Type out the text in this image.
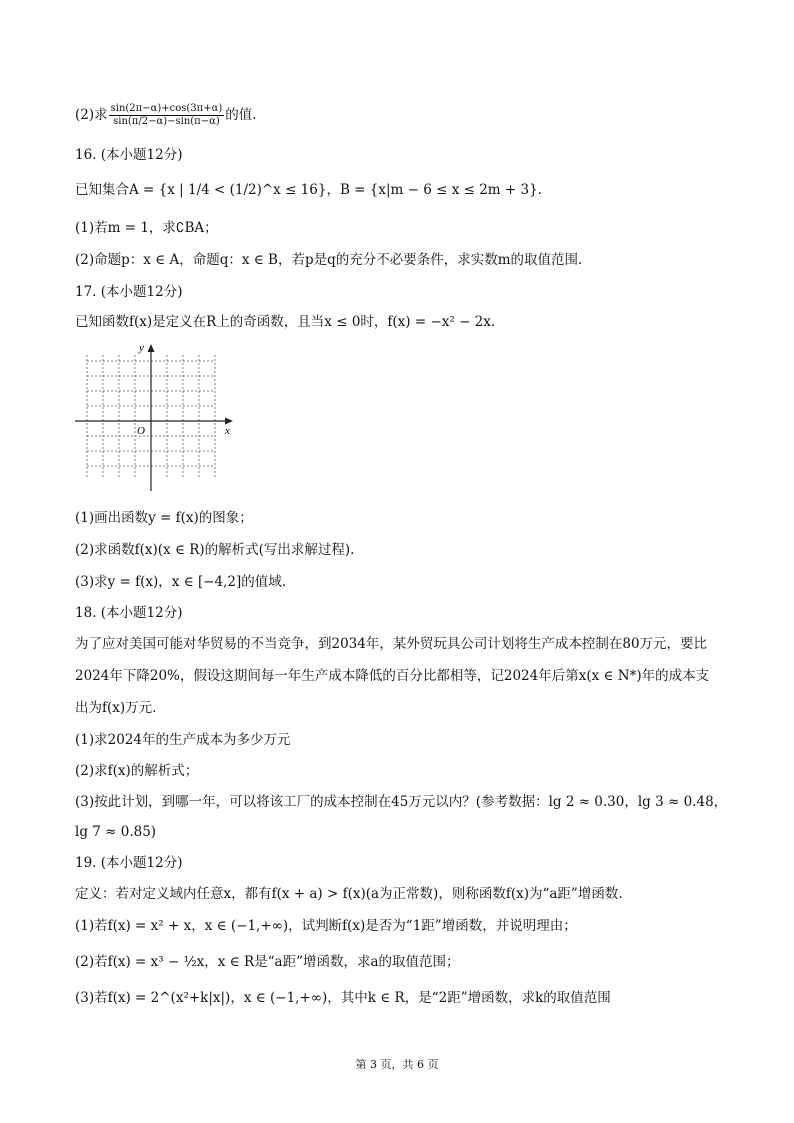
(2)求 $\frac{\sin(2\pi-\alpha)+\cos(3\pi+\alpha)}{\sin(\pi/2-\alpha)-\sin(\pi-\alpha)}$ 的值.
16. (本小题12分)
已知集合A = {x | 1/4 < (1/2)^x ≤ 16}，B = {x|m − 6 ≤ x ≤ 2m + 3}.
(1)若m = 1，求∁BA；
(2)命题p：x ∈ A，命题q：x ∈ B，若p是q的充分不必要条件，求实数m的取值范围.
17. (本小题12分)
已知函数f(x)是定义在R上的奇函数，且当x ≤ 0时，f(x) = −x² − 2x.
y
x
O
(1)画出函数y = f(x)的图象；
(2)求函数f(x)(x ∈ R)的解析式(写出求解过程).
(3)求y = f(x)，x ∈ [−4,2]的值域.
18. (本小题12分)
为了应对美国可能对华贸易的不当竞争，到2034年，某外贸玩具公司计划将生产成本控制在80万元，要比
2024年下降20%，假设这期间每一年生产成本降低的百分比都相等，记2024年后第x(x ∈ N*)年的成本支
出为f(x)万元.
(1)求2024年的生产成本为多少万元
(2)求f(x)的解析式；
(3)按此计划，到哪一年，可以将该工厂的成本控制在45万元以内？(参考数据：lg 2 ≈ 0.30，lg 3 ≈ 0.48，
lg 7 ≈ 0.85)
19. (本小题12分)
定义：若对定义域内任意x，都有f(x + a) > f(x)(a为正常数)，则称函数f(x)为“a距”增函数.
(1)若f(x) = x² + x，x ∈ (−1,+∞)，试判断f(x)是否为“1距”增函数，并说明理由；
(2)若f(x) = x³ − ½x，x ∈ R是“a距”增函数，求a的取值范围；
(3)若f(x) = 2^(x²+k|x|)，x ∈ (−1,+∞)，其中k ∈ R，是“2距”增函数，求k的取值范围
第 3 页，共 6 页
